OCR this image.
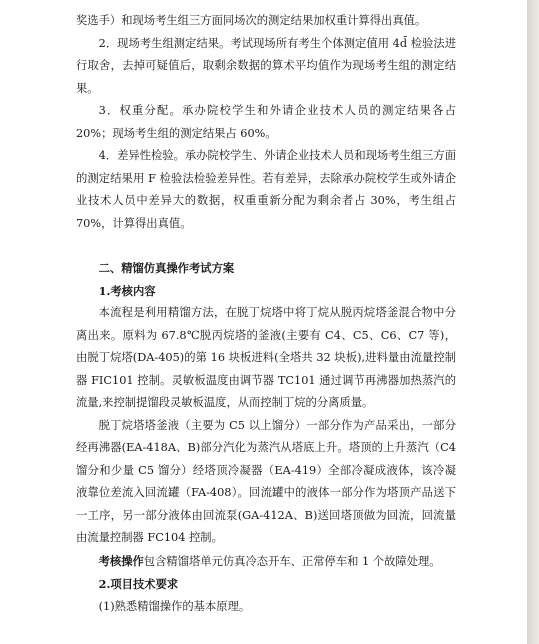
奖选手）和现场考生组三方面同场次的测定结果加权重计算得出真值。

2．现场考生组测定结果。考试现场所有考生个体测定值用 4d̄ 检验法进行取舍，去掉可疑值后，取剩余数据的算术平均值作为现场考生组的测定结果。

3．权重分配。承办院校学生和外请企业技术人员的测定结果各占 20%；现场考生组的测定结果占 60%。

4．差异性检验。承办院校学生、外请企业技术人员和现场考生组三方面的测定结果用 F 检验法检验差异性。若有差异，去除承办院校学生或外请企业技术人员中差异大的数据，权重重新分配为剩余者占 30%，考生组占 70%，计算得出真值。

二、精馏仿真操作考试方案

1.考核内容

本流程是利用精馏方法，在脱丁烷塔中将丁烷从脱丙烷塔釜混合物中分离出来。原料为 67.8℃脱丙烷塔的釜液(主要有 C4、C5、C6、C7 等)，由脱丁烷塔(DA-405)的第 16 块板进料(全塔共 32 块板),进料量由流量控制器 FIC101 控制。灵敏板温度由调节器 TC101 通过调节再沸器加热蒸汽的流量,来控制提馏段灵敏板温度，从而控制丁烷的分离质量。

脱丁烷塔塔釜液（主要为 C5 以上馏分）一部分作为产品采出，一部分经再沸器(EA-418A、B)部分汽化为蒸汽从塔底上升。塔顶的上升蒸汽（C4 馏分和少量 C5 馏分）经塔顶冷凝器（EA-419）全部冷凝成液体，该冷凝液靠位差流入回流罐（FA-408）。回流罐中的液体一部分作为塔顶产品送下一工序，另一部分液体由回流泵(GA-412A、B)送回塔顶做为回流，回流量由流量控制器 FC104 控制。

考核操作包含精馏塔单元仿真冷态开车、正常停车和 1 个故障处理。

2.项目技术要求

(1)熟悉精馏操作的基本原理。
